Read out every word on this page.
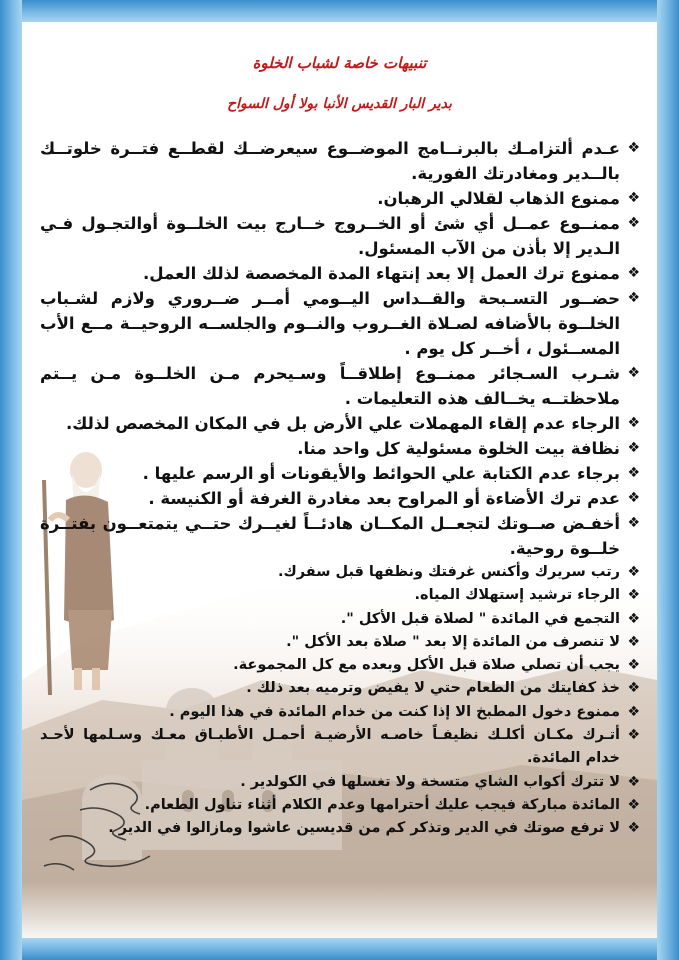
تنبيهات خاصة لشباب الخلوة
بدير البار القديس الأنبا بولا أول السواح

❖
عـدم ألتزامـك بالبرنــامج الموضــوع سيعرضــك لقطــع فتــرة خلوتــك بالــدير ومغادرتك الفورية.

❖
ممنوع الذهاب لقلالي الرهبان.

❖
ممنــوع عمــل أي شئ أو الخــروج خــارج بيت الخلــوة أوالتجـول فـي الـدير إلا بأذن من الآب المسئول.

❖
ممنوع ترك العمل إلا بعد إنتهاء المدة المخصصة لذلك العمل.

❖
حضــور التسـبحة والقــداس اليــومي أمــر ضــروري ولازم لشـباب الخلــوة بالأضافه لصـلاة الغــروب والنــوم والجلســه الروحيــة مــع الأب المســئول ، أخــر كل يوم .

❖
شـرب السـجائر ممنــوع إطلاقــاً وسـيحرم مـن الخلــوة مـن يــتم ملاحظتــه يخــالف هذه التعليمات .

❖
الرجاء عدم إلقاء المهملات علي الأرض بل في المكان المخصص لذلك.

❖
نظافة بيت الخلوة مسئولية كل واحد منا.

❖
برجاء عدم الكتابة علي الحوائط والأيقونات أو الرسم عليها .

❖
عدم ترك الأضاءة أو المراوح بعد مغادرة الغرفة أو الكنيسة .

❖
أخفـض صــوتك لتجعــل المكــان هادئــاً لغيــرك حتــي يتمتعــون بفتــرة خلــوة روحية.

❖
رتب سريرك وأكنس غرفتك ونظفها قبل سفرك.

❖
الرجاء ترشيد إستهلاك المياه.

❖
التجمع في المائدة " لصلاة قبل الأكل ".

❖
لا تنصرف من المائدة إلا بعد " صلاة بعد الأكل ".

❖
يجب أن تصلي صلاة قبل الأكل وبعده مع كل المجموعة.

❖
خذ كفايتك من الطعام حتي لا يفيض وترميه بعد ذلك .

❖
ممنوع دخول المطبخ الا إذا كنت من خدام المائدة في هذا اليوم .

❖
أتـرك مكـان أكلـك نظيفـاً خاصـه الأرضيـة أحمـل الأطبـاق معـك وسـلمها لأحـد خدام المائدة.

❖
لا تترك أكواب الشاي متسخة ولا تغسلها في الكولدير .

❖
المائدة مباركة فيجب عليك أحترامها وعدم الكلام أثناء تناول الطعام.

❖
لا ترفع صوتك في الدير وتذكر كم من قديسين عاشوا ومازالوا في الدير .
